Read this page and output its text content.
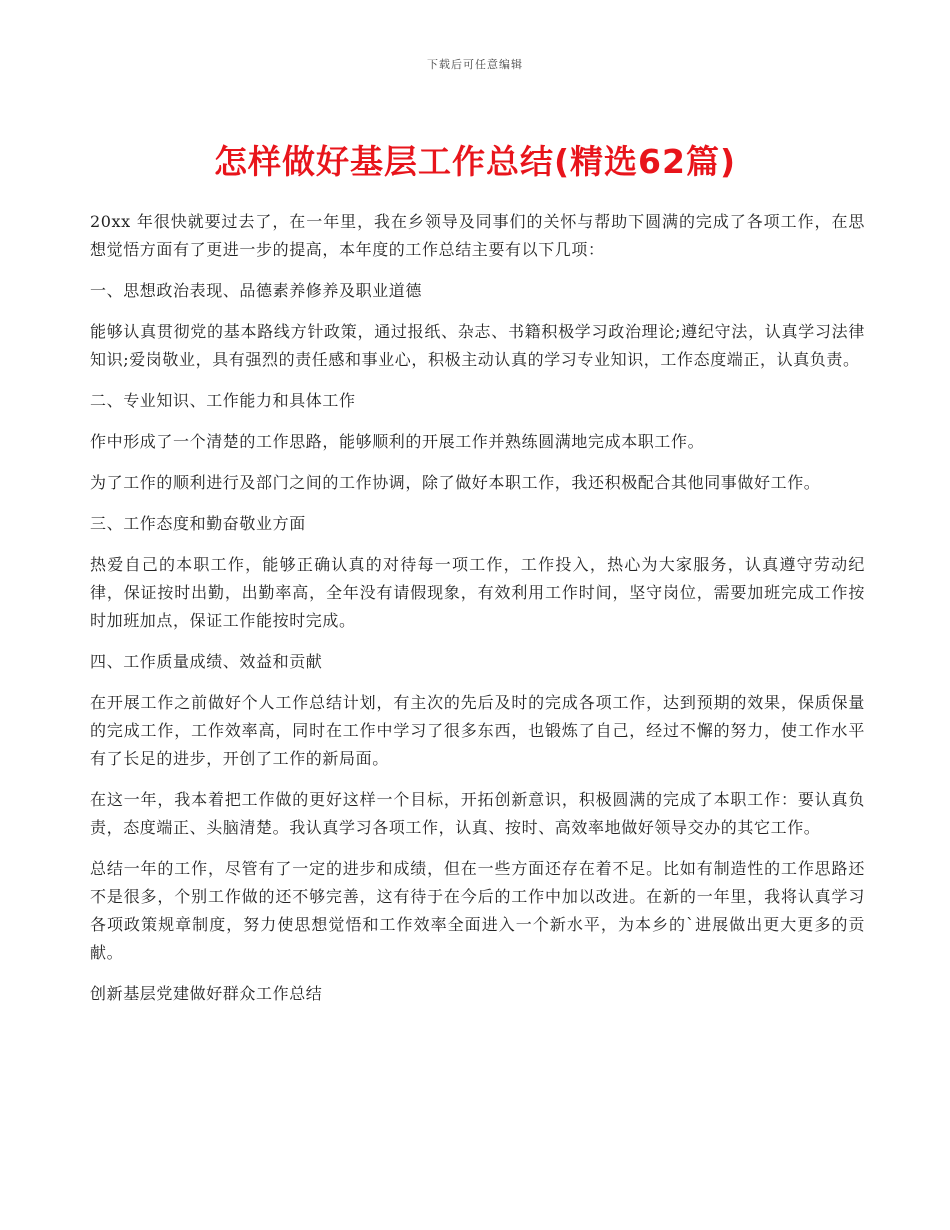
下载后可任意编辑
怎样做好基层工作总结(精选62篇)

20xx 年很快就要过去了，在一年里，我在乡领导及同事们的关怀与帮助下圆满的完成了各项工作，在思想觉悟方面有了更进一步的提高，本年度的工作总结主要有以下几项：

一、思想政治表现、品德素养修养及职业道德

能够认真贯彻党的基本路线方针政策，通过报纸、杂志、书籍积极学习政治理论;遵纪守法，认真学习法律知识;爱岗敬业，具有强烈的责任感和事业心，积极主动认真的学习专业知识，工作态度端正，认真负责。

二、专业知识、工作能力和具体工作

作中形成了一个清楚的工作思路，能够顺利的开展工作并熟练圆满地完成本职工作。

为了工作的顺利进行及部门之间的工作协调，除了做好本职工作，我还积极配合其他同事做好工作。

三、工作态度和勤奋敬业方面

热爱自己的本职工作，能够正确认真的对待每一项工作，工作投入，热心为大家服务，认真遵守劳动纪律，保证按时出勤，出勤率高，全年没有请假现象，有效利用工作时间，坚守岗位，需要加班完成工作按时加班加点，保证工作能按时完成。

四、工作质量成绩、效益和贡献

在开展工作之前做好个人工作总结计划，有主次的先后及时的完成各项工作，达到预期的效果，保质保量的完成工作，工作效率高，同时在工作中学习了很多东西，也锻炼了自己，经过不懈的努力，使工作水平有了长足的进步，开创了工作的新局面。

在这一年，我本着把工作做的更好这样一个目标，开拓创新意识，积极圆满的完成了本职工作：要认真负责，态度端正、头脑清楚。我认真学习各项工作，认真、按时、高效率地做好领导交办的其它工作。

总结一年的工作，尽管有了一定的进步和成绩，但在一些方面还存在着不足。比如有制造性的工作思路还不是很多，个别工作做的还不够完善，这有待于在今后的工作中加以改进。在新的一年里，我将认真学习各项政策规章制度，努力使思想觉悟和工作效率全面进入一个新水平，为本乡的`进展做出更大更多的贡献。

创新基层党建做好群众工作总结
